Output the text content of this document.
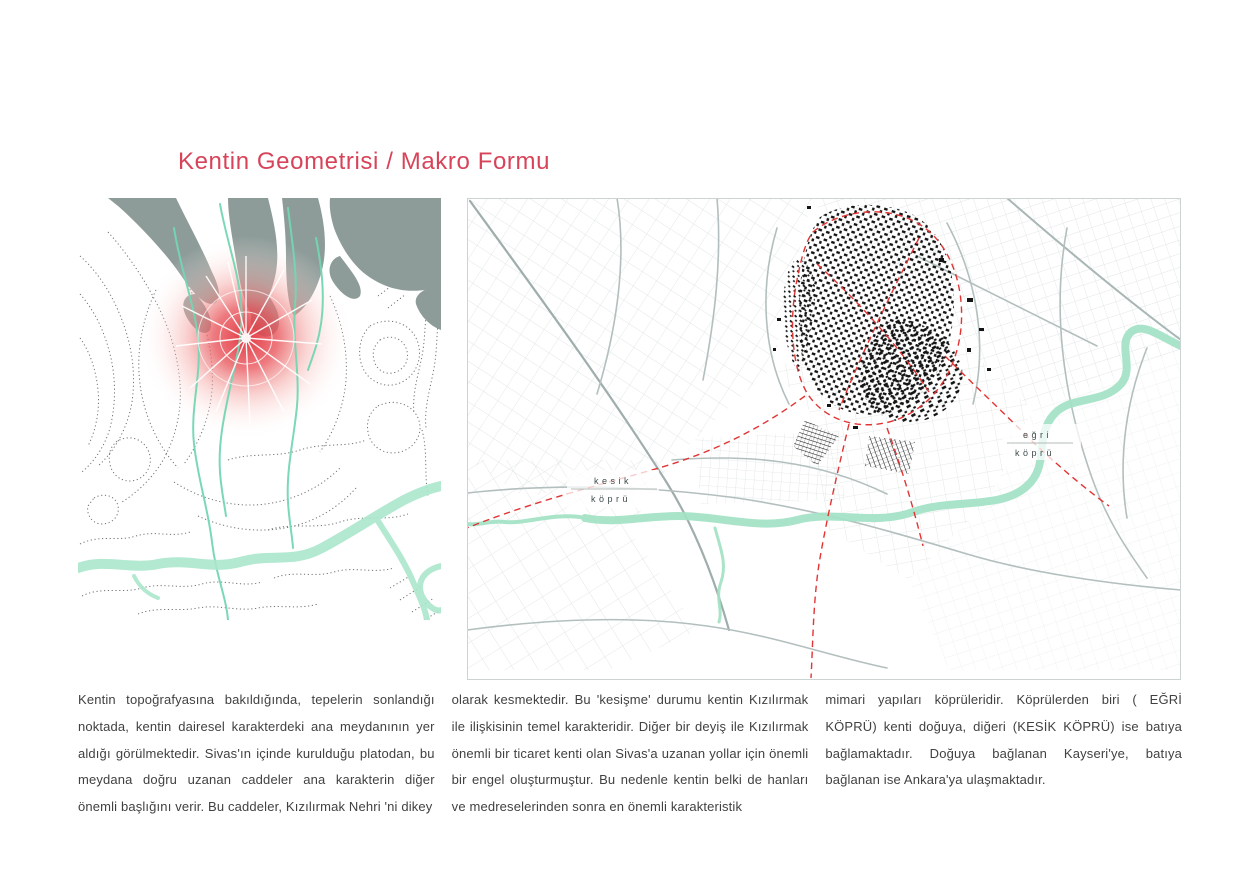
Kentin Geometrisi / Makro Formu
kesik
köprü
eğri
köprü
Kentin topoğrafyasına bakıldığında, tepelerin sonlandığı noktada, kentin dairesel karakterdeki ana meydanının yer aldığı görülmektedir. Sivas'ın içinde kurulduğu platodan, bu meydana doğru uzanan caddeler ana karakterin diğer önemli başlığını verir. Bu caddeler, Kızılırmak Nehri 'ni dikey
olarak kesmektedir. Bu 'kesişme' durumu kentin Kızılırmak ile ilişkisinin temel karakteridir. Diğer bir deyiş ile Kızılırmak önemli bir ticaret kenti olan Sivas'a uzanan yollar için önemli bir engel oluşturmuştur. Bu nedenle kentin belki de hanları ve medreselerinden sonra en önemli karakteristik
mimari yapıları köprüleridir. Köprülerden biri ( EĞRİ KÖPRÜ) kenti doğuya, diğeri (KESİK KÖPRÜ) ise batıya bağlamaktadır. Doğuya bağlanan Kayseri'ye, batıya bağlanan ise Ankara'ya ulaşmaktadır.
